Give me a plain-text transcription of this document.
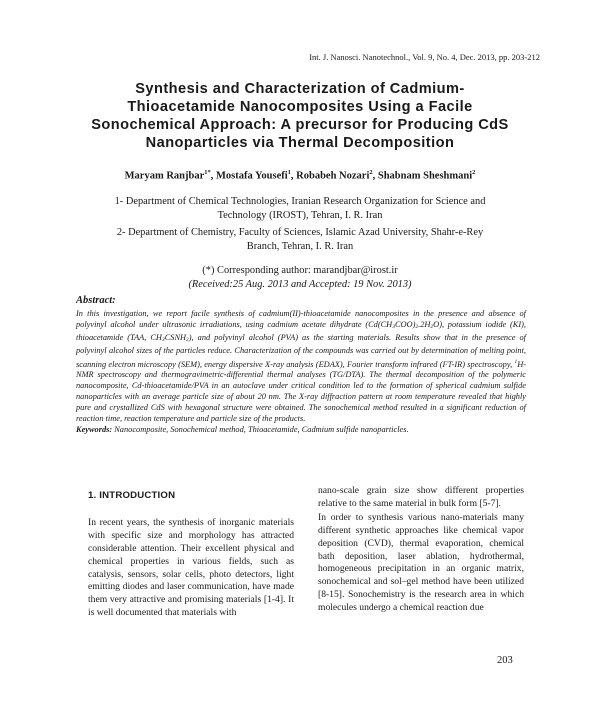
Int. J. Nanosci. Nanotechnol., Vol. 9, No. 4, Dec. 2013, pp. 203-212
Synthesis and Characterization of Cadmium-
Thioacetamide Nanocomposites Using a Facile
Sonochemical Approach: A precursor for Producing CdS
Nanoparticles via Thermal Decomposition
Maryam Ranjbar$^{1*}$, Mostafa Yousefi$^1$, Robabeh Nozari$^2$, Shabnam Sheshmani$^2$

1- Department of Chemical Technologies, Iranian Research Organization for Science and Technology (IROST), Tehran, I. R. Iran

2- Department of Chemistry, Faculty of Sciences, Islamic Azad University, Shahr-e-Rey Branch, Tehran, I. R. Iran

(*) Corresponding author: marandjbar@irost.ir
(Received:25 Aug. 2013 and Accepted: 19 Nov. 2013)
Abstract:

In this investigation, we report facile synthesis of cadmium(II)-thioacetamide nanocomposites in the presence and absence of polyvinyl alcohol under ultrasonic irradiations, using cadmium acetate dihydrate $(Cd(CH_3COO)_2.2H_2O)$, potassium iodide (KI), thioacetamide (TAA, $CH_3CSNH_2$), and polyvinyl alcohol (PVA) as the starting materials. Results show that in the presence of polyvinyl alcohol sizes of the particles reduce. Characterization of the compounds was carried out by determination of melting point, scanning electron microscopy (SEM), energy dispersive X-ray analysis (EDAX), Fourier transform infrared (FT-IR) spectroscopy, $^1$H-NMR spectroscopy and thermogravimetric-differential thermal analyses (TG/DTA). The thermal decomposition of the polymeric nanocomposite, Cd-thioacetamide/PVA in an autoclave under critical condition led to the formation of spherical cadmium sulfide nanoparticles with an average particle size of about 20 nm. The X-ray diffraction pattern at room temperature revealed that highly pure and crystallized CdS with hexagonal structure were obtained. The sonochemical method resulted in a significant reduction of reaction time, reaction temperature and particle size of the products.

Keywords: Nanocomposite, Sonochemical method, Thioacetamide, Cadmium sulfide nanoparticles.

1. INTRODUCTION

In recent years, the synthesis of inorganic materials with specific size and morphology has attracted considerable attention. Their excellent physical and chemical properties in various fields, such as catalysis, sensors, solar cells, photo detectors, light emitting diodes and laser communication, have made them very attractive and promising materials [1-4]. It is well documented that materials with

nano-scale grain size show different properties relative to the same material in bulk form [5-7].

In order to synthesis various nano-materials many different synthetic approaches like chemical vapor deposition (CVD), thermal evaporation, chemical bath deposition, laser ablation, hydrothermal, homogeneous precipitation in an organic matrix, sonochemical and sol–gel method have been utilized [8-15]. Sonochemistry is the research area in which molecules undergo a chemical reaction due

203
